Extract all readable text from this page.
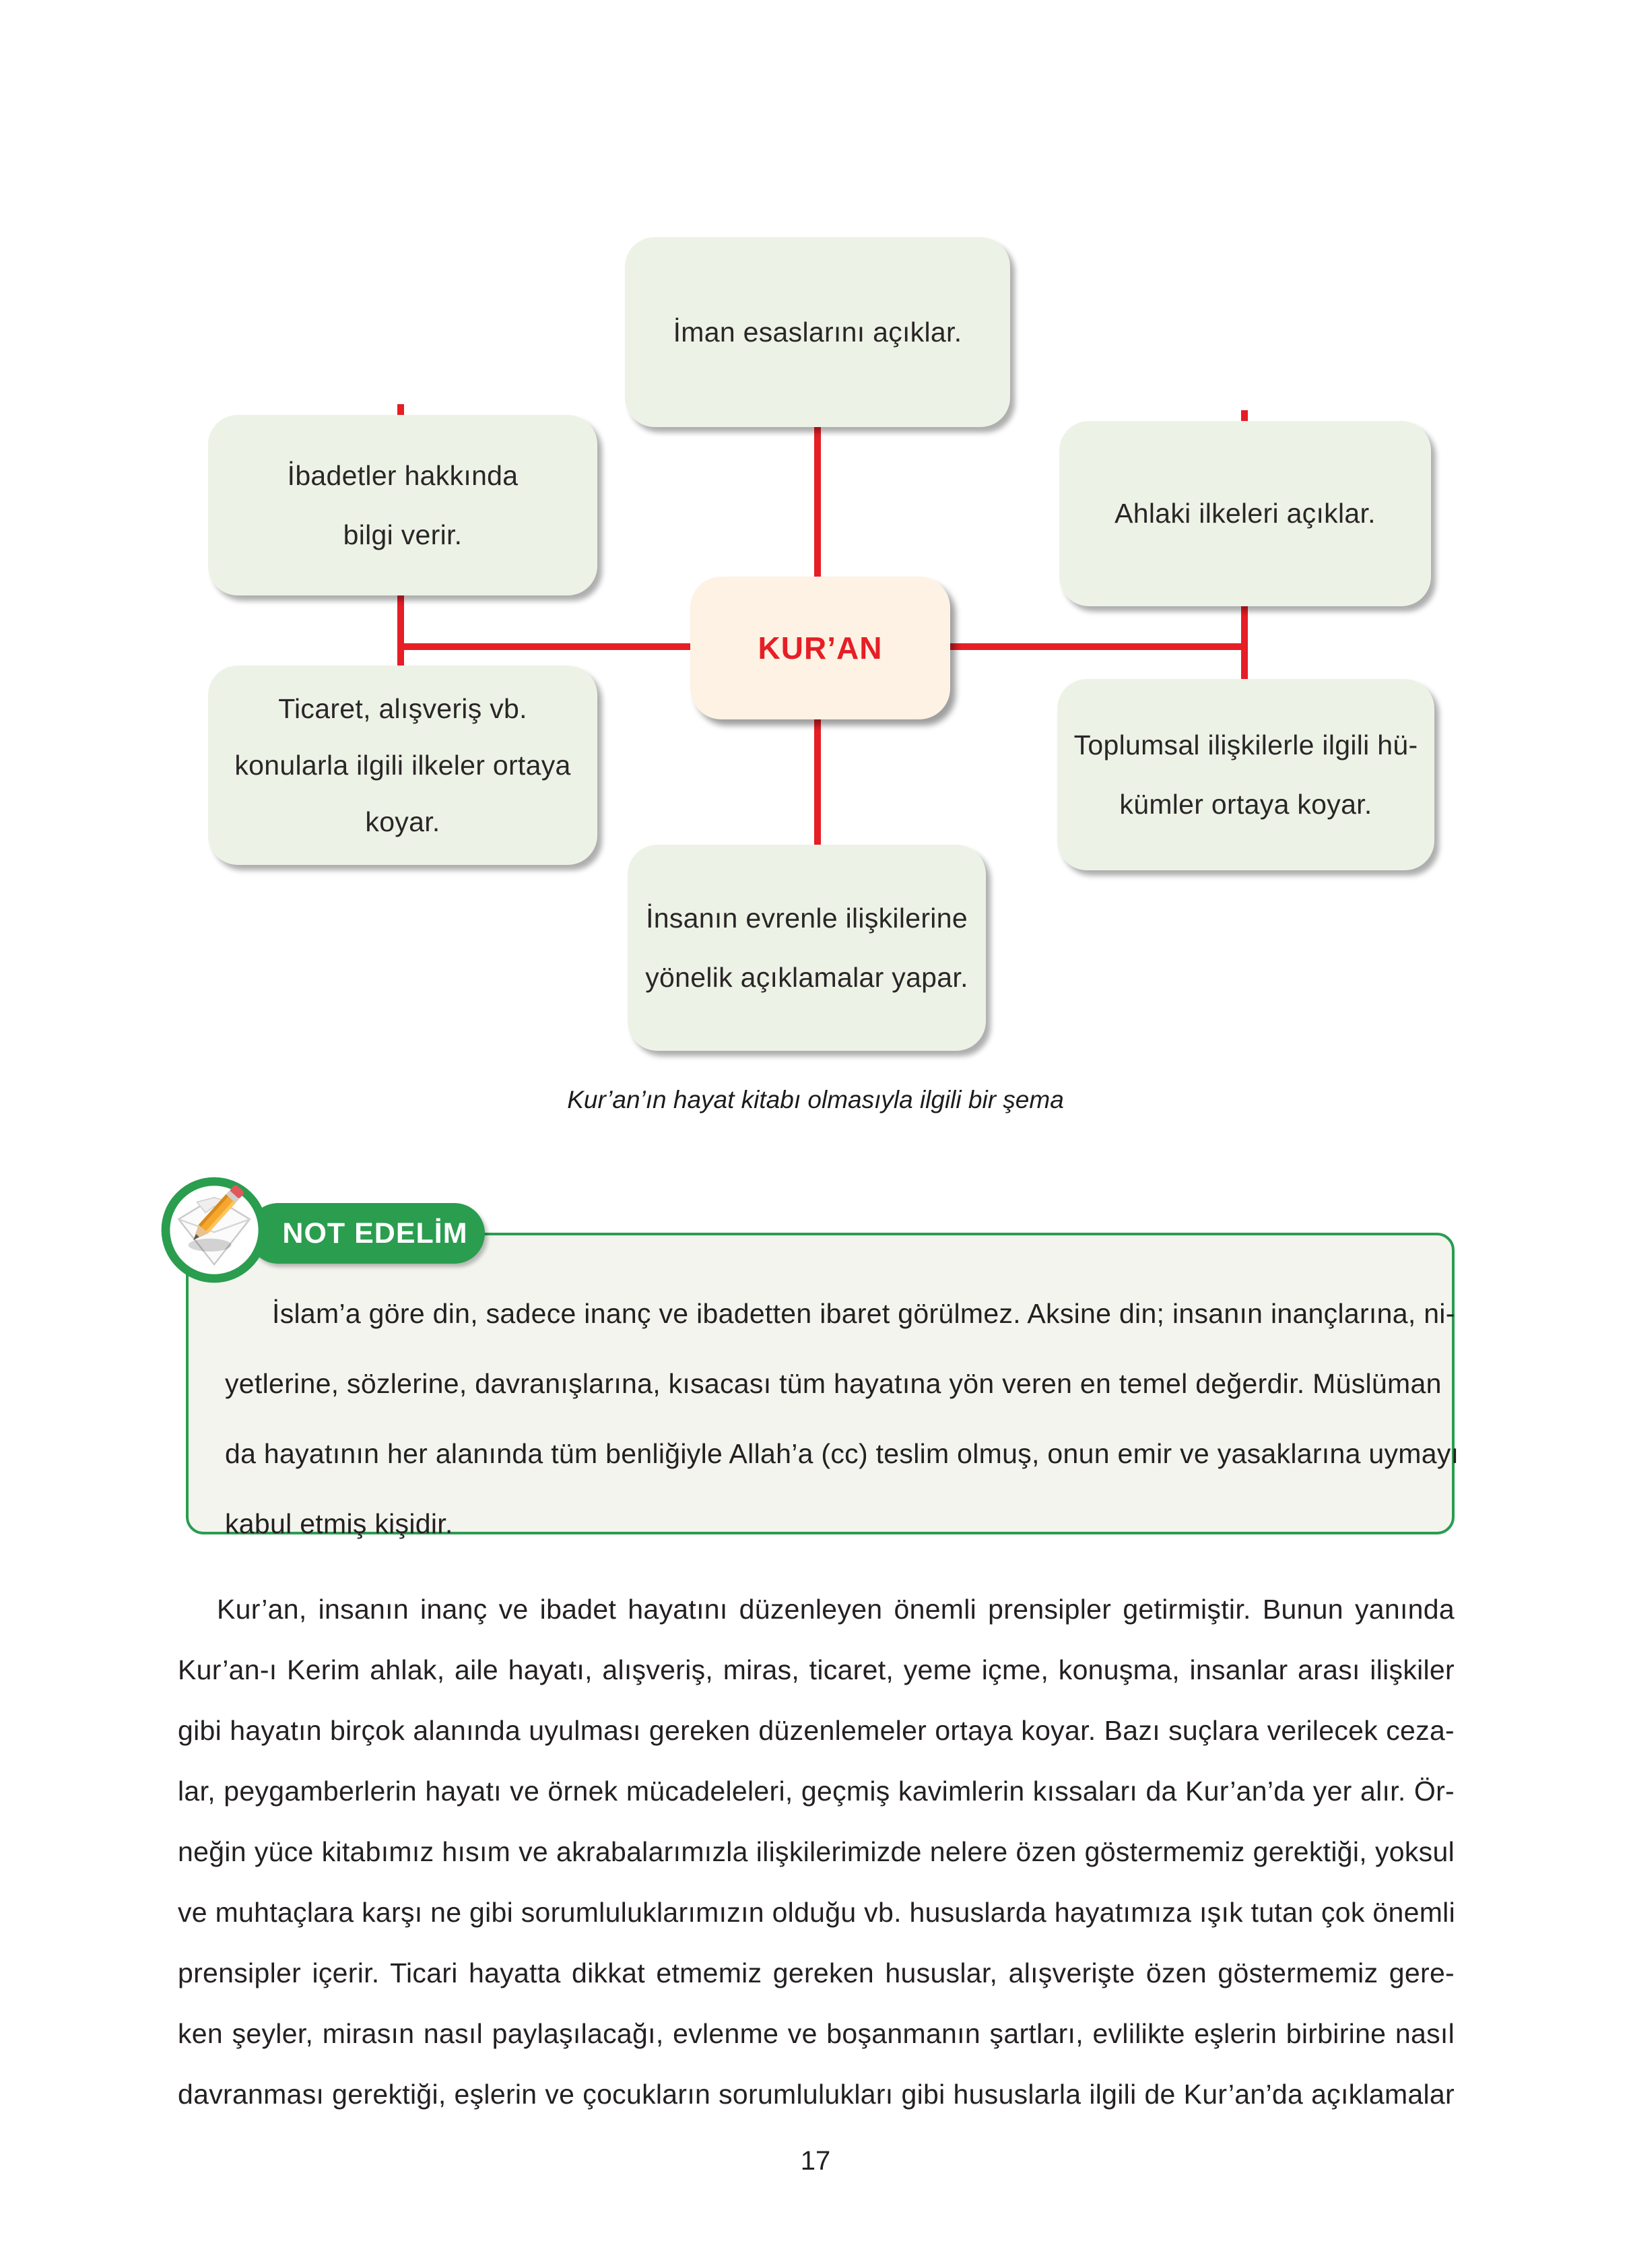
İman esaslarını açıklar.
İbadetler hakkında
bilgi verir.
Ahlaki ilkeleri açıklar.
KUR’AN
Ticaret, alışveriş vb.
konularla ilgili ilkeler ortaya
koyar.
Toplumsal ilişkilerle ilgili hü-
kümler ortaya koyar.
İnsanın evrenle ilişkilerine
yönelik açıklamalar yapar.
Kur’an’ın hayat kitabı olmasıyla ilgili bir şema
İslam’a göre din, sadece inanç ve ibadetten ibaret görülmez. Aksine din; insanın inançlarına, ni-
yetlerine, sözlerine, davranışlarına, kısacası tüm hayatına yön veren en temel değerdir. Müslüman
da hayatının her alanında tüm benliğiyle Allah’a (cc) teslim olmuş, onun emir ve yasaklarına uymayı
kabul etmiş kişidir.
NOT EDELİM
Kur’an, insanın inanç ve ibadet hayatını düzenleyen önemli prensipler getirmiştir. Bunun yanında
Kur’an-ı Kerim ahlak, aile hayatı, alışveriş, miras, ticaret, yeme içme, konuşma, insanlar arası ilişkiler
gibi hayatın birçok alanında uyulması gereken düzenlemeler ortaya koyar. Bazı suçlara verilecek ceza-
lar, peygamberlerin hayatı ve örnek mücadeleleri, geçmiş kavimlerin kıssaları da Kur’an’da yer alır. Ör-
neğin yüce kitabımız hısım ve akrabalarımızla ilişkilerimizde nelere özen göstermemiz gerektiği, yoksul
ve muhtaçlara karşı ne gibi sorumluluklarımızın olduğu vb. hususlarda hayatımıza ışık tutan çok önemli
prensipler içerir. Ticari hayatta dikkat etmemiz gereken hususlar, alışverişte özen göstermemiz gere-
ken şeyler, mirasın nasıl paylaşılacağı, evlenme ve boşanmanın şartları, evlilikte eşlerin birbirine nasıl
davranması gerektiği, eşlerin ve çocukların sorumlulukları gibi hususlarla ilgili de Kur’an’da açıklamalar
17
